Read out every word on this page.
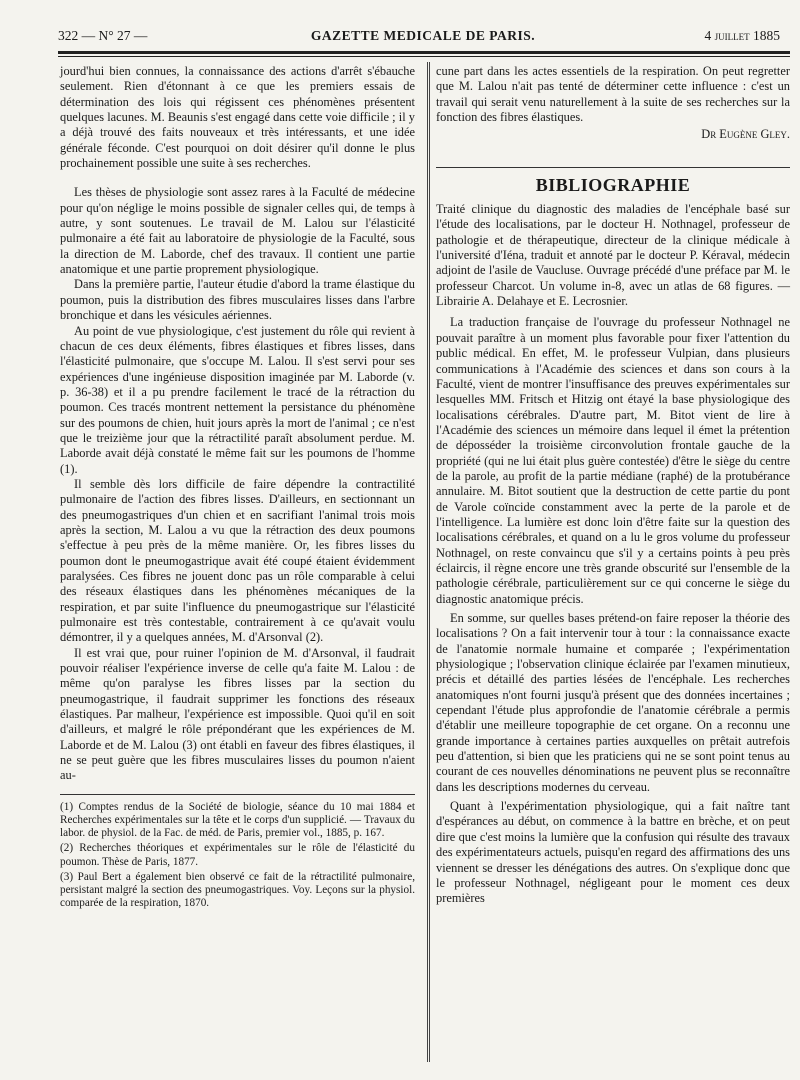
322 — N° 27 —	GAZETTE MEDICALE DE PARIS.	4 juillet 1885

jourd'hui bien connues, la connaissance des actions d'arrêt s'ébauche seulement. Rien d'étonnant à ce que les premiers essais de détermination des lois qui régissent ces phénomènes présentent quelques lacunes. M. Beaunis s'est engagé dans cette voie difficile ; il y a déjà trouvé des faits nouveaux et très intéressants, et une idée générale féconde. C'est pourquoi on doit désirer qu'il donne le plus prochainement possible une suite à ses recherches.

Les thèses de physiologie sont assez rares à la Faculté de médecine pour qu'on néglige le moins possible de signaler celles qui, de temps à autre, y sont soutenues. Le travail de M. Lalou sur l'élasticité pulmonaire a été fait au laboratoire de physiologie de la Faculté, sous la direction de M. Laborde, chef des travaux. Il contient une partie anatomique et une partie proprement physiologique.

Dans la première partie, l'auteur étudie d'abord la trame élastique du poumon, puis la distribution des fibres musculaires lisses dans l'arbre bronchique et dans les vésicules aériennes.

Au point de vue physiologique, c'est justement du rôle qui revient à chacun de ces deux éléments, fibres élastiques et fibres lisses, dans l'élasticité pulmonaire, que s'occupe M. Lalou. Il s'est servi pour ses expériences d'une ingénieuse disposition imaginée par M. Laborde (v. p. 36-38) et il a pu prendre facilement le tracé de la rétraction du poumon. Ces tracés montrent nettement la persistance du phénomène sur des poumons de chien, huit jours après la mort de l'animal ; ce n'est que le treizième jour que la rétractilité paraît absolument perdue. M. Laborde avait déjà constaté le même fait sur les poumons de l'homme (1).

Il semble dès lors difficile de faire dépendre la contractilité pulmonaire de l'action des fibres lisses. D'ailleurs, en sectionnant un des pneumogastriques d'un chien et en sacrifiant l'animal trois mois après la section, M. Lalou a vu que la rétraction des deux poumons s'effectue à peu près de la même manière. Or, les fibres lisses du poumon dont le pneumogastrique avait été coupé étaient évidemment paralysées. Ces fibres ne jouent donc pas un rôle comparable à celui des réseaux élastiques dans les phénomènes mécaniques de la respiration, et par suite l'influence du pneumogastrique sur l'élasticité pulmonaire est très contestable, contrairement à ce qu'avait voulu démontrer, il y a quelques années, M. d'Arsonval (2).

Il est vrai que, pour ruiner l'opinion de M. d'Arsonval, il faudrait pouvoir réaliser l'expérience inverse de celle qu'a faite M. Lalou : de même qu'on paralyse les fibres lisses par la section du pneumogastrique, il faudrait supprimer les fonctions des réseaux élastiques. Par malheur, l'expérience est impossible. Quoi qu'il en soit d'ailleurs, et malgré le rôle prépondérant que les expériences de M. Laborde et de M. Lalou (3) ont établi en faveur des fibres élastiques, il ne se peut guère que les fibres musculaires lisses du poumon n'aient au-

(1) Comptes rendus de la Société de biologie, séance du 10 mai 1884 et Recherches expérimentales sur la tête et le corps d'un supplicié. — Travaux du labor. de physiol. de la Fac. de méd. de Paris, premier vol., 1885, p. 167.

(2) Recherches théoriques et expérimentales sur le rôle de l'élasticité du poumon. Thèse de Paris, 1877.

(3) Paul Bert a également bien observé ce fait de la rétractilité pulmonaire, persistant malgré la section des pneumogastriques. Voy. Leçons sur la physiol. comparée de la respiration, 1870.

cune part dans les actes essentiels de la respiration. On peut regretter que M. Lalou n'ait pas tenté de déterminer cette influence : c'est un travail qui serait venu naturellement à la suite de ses recherches sur la fonction des fibres élastiques.

Dr Eugène Gley.

BIBLIOGRAPHIE

Traité clinique du diagnostic des maladies de l'encéphale basé sur l'étude des localisations, par le docteur H. Nothnagel, professeur de pathologie et de thérapeutique, directeur de la clinique médicale à l'université d'Iéna, traduit et annoté par le docteur P. Kéraval, médecin adjoint de l'asile de Vaucluse. Ouvrage précédé d'une préface par M. le professeur Charcot. Un volume in-8, avec un atlas de 68 figures. — Librairie A. Delahaye et E. Lecrosnier.

La traduction française de l'ouvrage du professeur Nothnagel ne pouvait paraître à un moment plus favorable pour fixer l'attention du public médical. En effet, M. le professeur Vulpian, dans plusieurs communications à l'Académie des sciences et dans son cours à la Faculté, vient de montrer l'insuffisance des preuves expérimentales sur lesquelles MM. Fritsch et Hitzig ont étayé la base physiologique des localisations cérébrales. D'autre part, M. Bitot vient de lire à l'Académie des sciences un mémoire dans lequel il émet la prétention de déposséder la troisième circonvolution frontale gauche de la propriété (qui ne lui était plus guère contestée) d'être le siège du centre de la parole, au profit de la partie médiane (raphé) de la protubérance annulaire. M. Bitot soutient que la destruction de cette partie du pont de Varole coïncide constamment avec la perte de la parole et de l'intelligence. La lumière est donc loin d'être faite sur la question des localisations cérébrales, et quand on a lu le gros volume du professeur Nothnagel, on reste convaincu que s'il y a certains points à peu près éclaircis, il règne encore une très grande obscurité sur l'ensemble de la pathologie cérébrale, particulièrement sur ce qui concerne le siège du diagnostic anatomique précis.

En somme, sur quelles bases prétend-on faire reposer la théorie des localisations ? On a fait intervenir tour à tour : la connaissance exacte de l'anatomie normale humaine et comparée ; l'expérimentation physiologique ; l'observation clinique éclairée par l'examen minutieux, précis et détaillé des parties lésées de l'encéphale. Les recherches anatomiques n'ont fourni jusqu'à présent que des données incertaines ; cependant l'étude plus approfondie de l'anatomie cérébrale a permis d'établir une meilleure topographie de cet organe. On a reconnu une grande importance à certaines parties auxquelles on prêtait autrefois peu d'attention, si bien que les praticiens qui ne se sont point tenus au courant de ces nouvelles dénominations ne peuvent plus se reconnaître dans les descriptions modernes du cerveau.

Quant à l'expérimentation physiologique, qui a fait naître tant d'espérances au début, on commence à la battre en brèche, et on peut dire que c'est moins la lumière que la confusion qui résulte des travaux des expérimentateurs actuels, puisqu'en regard des affirmations des uns viennent se dresser les dénégations des autres. On s'explique donc que le professeur Nothnagel, négligeant pour le moment ces deux premières
